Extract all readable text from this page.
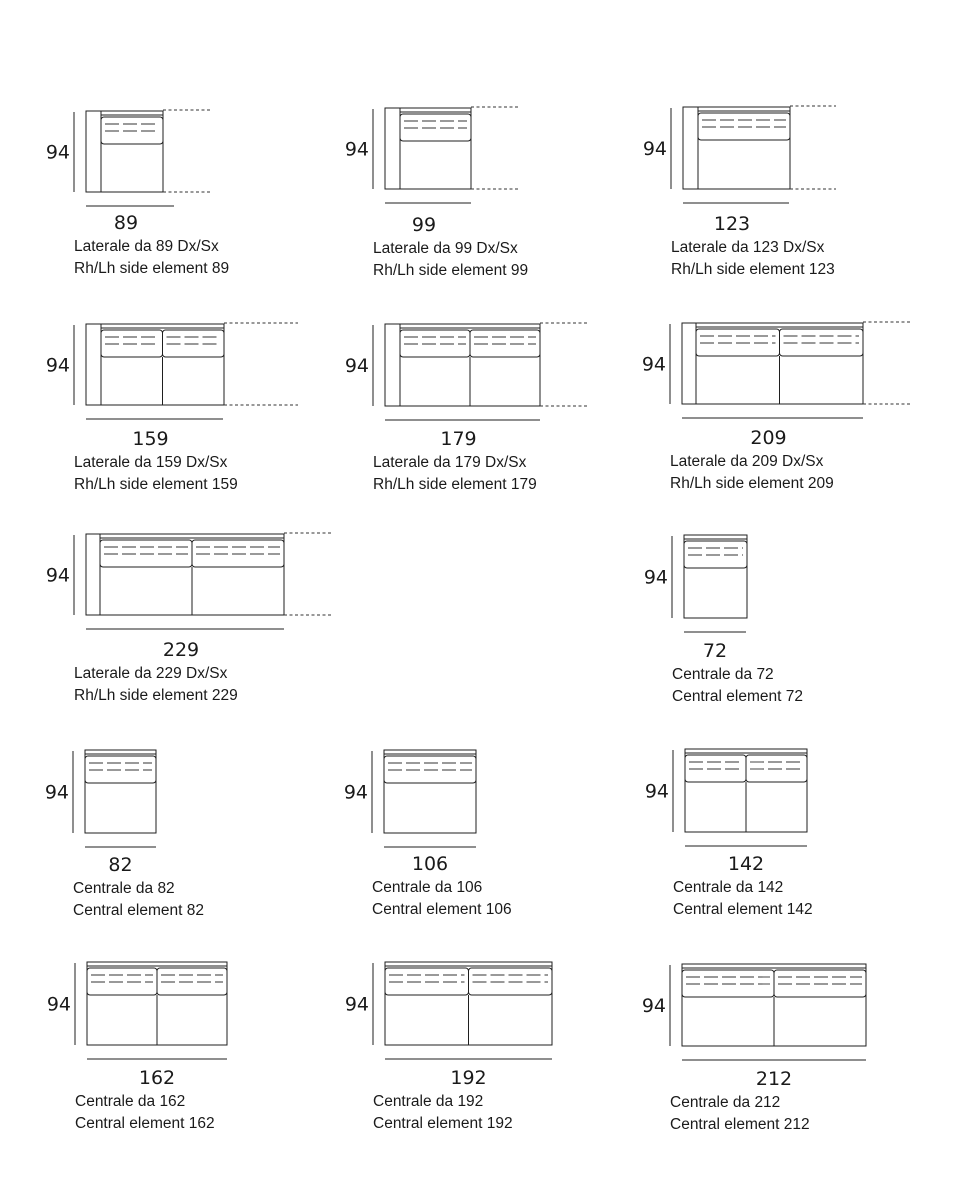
94
89
Laterale da 89 Dx/Sx
Rh/Lh side element 89
94
99
Laterale da 99 Dx/Sx
Rh/Lh side element 99
94
123
Laterale da 123 Dx/Sx
Rh/Lh side element 123
94
159
Laterale da 159 Dx/Sx
Rh/Lh side element 159
94
179
Laterale da 179 Dx/Sx
Rh/Lh side element 179
94
209
Laterale da 209 Dx/Sx
Rh/Lh side element 209
94
229
Laterale da 229 Dx/Sx
Rh/Lh side element 229
94
72
Centrale da 72
Central element 72
94
82
Centrale da 82
Central element 82
94
106
Centrale da 106
Central element 106
94
142
Centrale da 142
Central element 142
94
162
Centrale da 162
Central element 162
94
192
Centrale da 192
Central element 192
94
212
Centrale da 212
Central element 212
